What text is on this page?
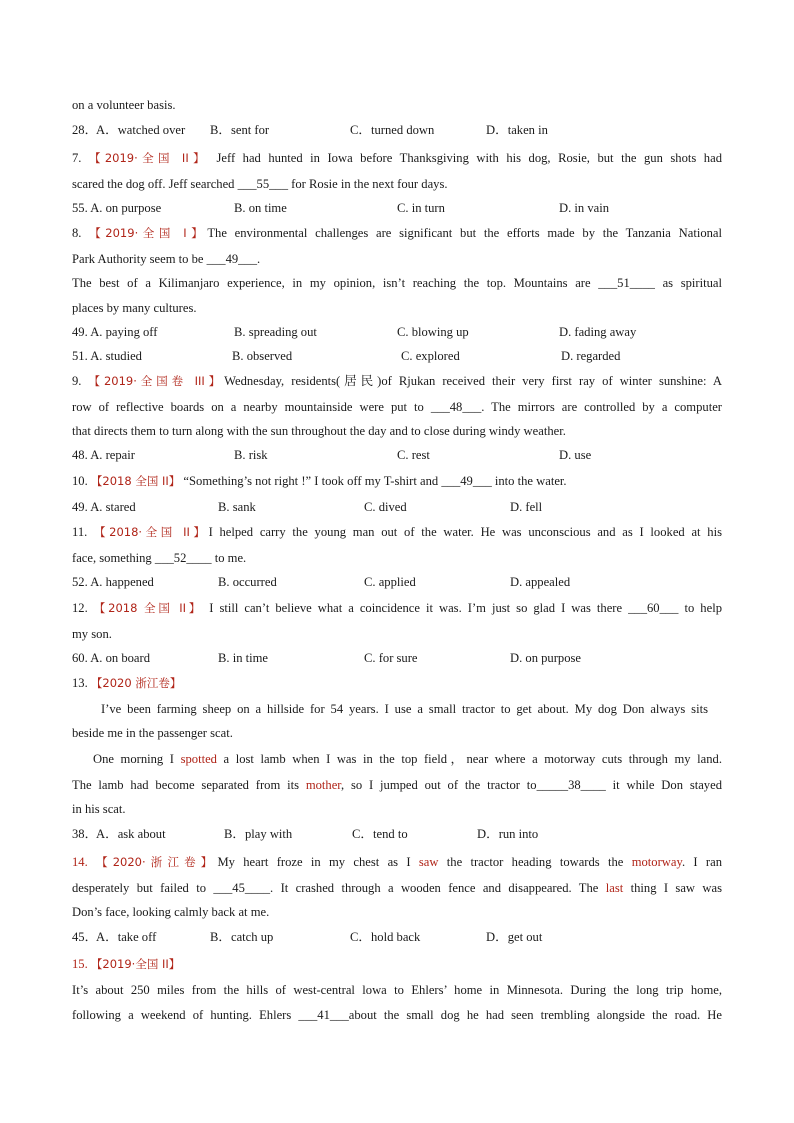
on a volunteer basis.
28．
A．watched over B．sent for	C．turned down	D．taken in
7. 【2019·全国 II】 Jeff had hunted in Iowa before Thanksgiving with his dog, Rosie, but the gun shots had
scared the dog off. Jeff searched ___55___ for Rosie in the next four days.
55. A. on purpose	B. on time	C. in turn	D. in vain
8. 【2019·全国 I】The environmental challenges are significant but the efforts made by the Tanzania National
Park Authority seem to be ___49___.
The best of a Kilimanjaro experience, in my opinion, isn’t reaching the top. Mountains are ___51____ as spiritual
places by many cultures.
49. A. paying off	B. spreading out	C. blowing up	D. fading away
51. A. studied	B. observed	C. explored	D. regarded
9. 【2019·全国卷 III】Wednesday, residents(居民)of Rjukan received their very first ray of winter sunshine: A
row of reflective boards on a nearby mountainside were put to ___48___. The mirrors are controlled by a computer
that directs them to turn along with the sun throughout the day and to close during windy weather.
48. A. repair	B. risk	C. rest	D. use
10. 【2018 全国 II】 “Something’s not right !” I took off my T-shirt and ___49___ into the water.
49. A. stared	B. sank	C. dived	D. fell
11. 【2018·全国 II】I helped carry the young man out of the water. He was unconscious and as I looked at his
face, something ___52____ to me.
52. A. happened	B. occurred	C. applied	D. appealed
12. 【2018 全国 II】 I still can’t believe what a coincidence it was. I’m just so glad I was there ___60___ to help
my son.
60. A. on board	B. in time	C. for sure	D. on purpose
13. 【2020 浙江卷】
I’ve been farming sheep on a hillside for 54 years. I use a small tractor to get about. My dog Don always sits
beside me in the passenger scat.
One morning I spotted a lost lamb when I was in the top field，near where a motorway cuts through my land.
The lamb had become separated from its mother, so I jumped out of the tractor to_____38____ it while Don stayed
in his scat.
38．
A．ask about	B．play with	C．tend to	D．run into
14. 【2020·浙江卷】My heart froze in my chest as I saw the tractor heading towards the motorway. I ran
desperately but failed to ___45____. It crashed through a wooden fence and disappeared. The last thing I saw was
Don’s face, looking calmly back at me.
45．
A．take off	B．catch up	C．hold back	D．get out
15. 【2019·全国 II】
It’s about 250 miles from the hills of west-central lowa to Ehlers’ home in Minnesota. During the long trip home,
following a weekend of hunting. Ehlers ___41___about the small dog he had seen trembling alongside the road. He
